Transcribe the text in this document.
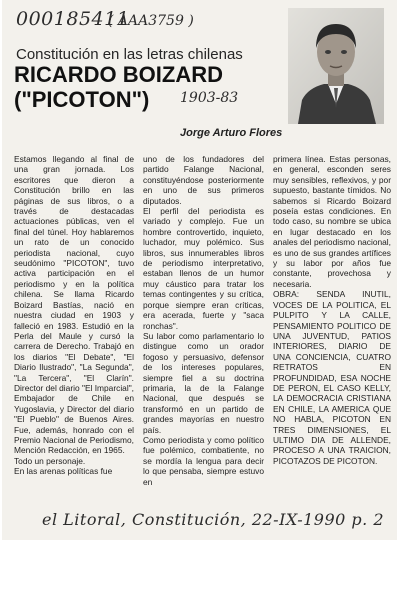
000185411
( AAA3759 )
Constitución en las letras chilenas
RICARDO BOIZARD
("PICOTON")	1903-83
Jorge Arturo Flores

Estamos llegando al final de una gran jornada. Los escritores que dieron a Constitución brillo en las páginas de sus libros, o a través de destacadas actuaciones públicas, ven el final del túnel. Hoy hablaremos un rato de un conocido periodista nacional, cuyo seudónimo "PICOTON", tuvo activa participación en el periodismo y en la política chilena. Se llama Ricardo Boizard Bastías, nació en nuestra ciudad en 1903 y falleció en 1983. Estudió en la Perla del Maule y cursó la carrera de Derecho. Trabajó en los diarios "El Debate", "El Diario Ilustrado", "La Segunda", "La Tercera", "El Clarín". Director del diario "El Imparcial", Embajador de Chile en Yugoslavia, y Director del diario "El Pueblo" de Buenos Aires. Fue, además, honrado con el Premio Nacional de Periodismo, Mención Redacción, en 1965.

Todo un personaje.

En las arenas políticas fue

uno de los fundadores del partido Falange Nacional, constituyéndose posteriormente en uno de sus primeros diputados.

El perfil del periodista es variado y complejo. Fue un hombre controvertido, inquieto, luchador, muy polémico. Sus libros, sus innumerables libros de periodismo interpretativo, estaban llenos de un humor muy cáustico para tratar los temas contingentes y su crítica, porque siempre eran críticas, era acerada, fuerte y "saca ronchas".

Su labor como parlamentario lo distingue como un orador fogoso y persuasivo, defensor de los intereses populares, siempre fiel a su doctrina primaria, la de la Falange Nacional, que después se transformó en un partido de grandes mayorías en nuestro país.

Como periodista y como político fue polémico, combatiente, no se mordía la lengua para decir lo que pensaba, siempre estuvo en

primera línea. Estas personas, en general, esconden seres muy sensibles, reflexivos, y por supuesto, bastante tímidos. No sabemos si Ricardo Boizard poseía estas condiciones. En todo caso, su nombre se ubica en lugar destacado en los anales del periodismo nacional, es uno de sus grandes artífices y su labor por años fue constante, provechosa y necesaria.

OBRA: SENDA INUTIL, VOCES DE LA POLITICA, EL PULPITO Y LA CALLE, PENSAMIENTO POLITICO DE UNA JUVENTUD, PATIOS INTERIORES, DIARIO DE UNA CONCIENCIA, CUATRO RETRATOS EN PROFUNDIDAD, ESA NOCHE DE PERON, EL CASO KELLY, LA DEMOCRACIA CRISTIANA EN CHILE, LA AMERICA QUE NO HABLA, PICOTON EN TRES DIMENSIONES, EL ULTIMO DIA DE ALLENDE, PROCESO A UNA TRAICION, PICOTAZOS DE PICOTON.

el Litoral, Constitución, 22-IX-1990 p. 2
